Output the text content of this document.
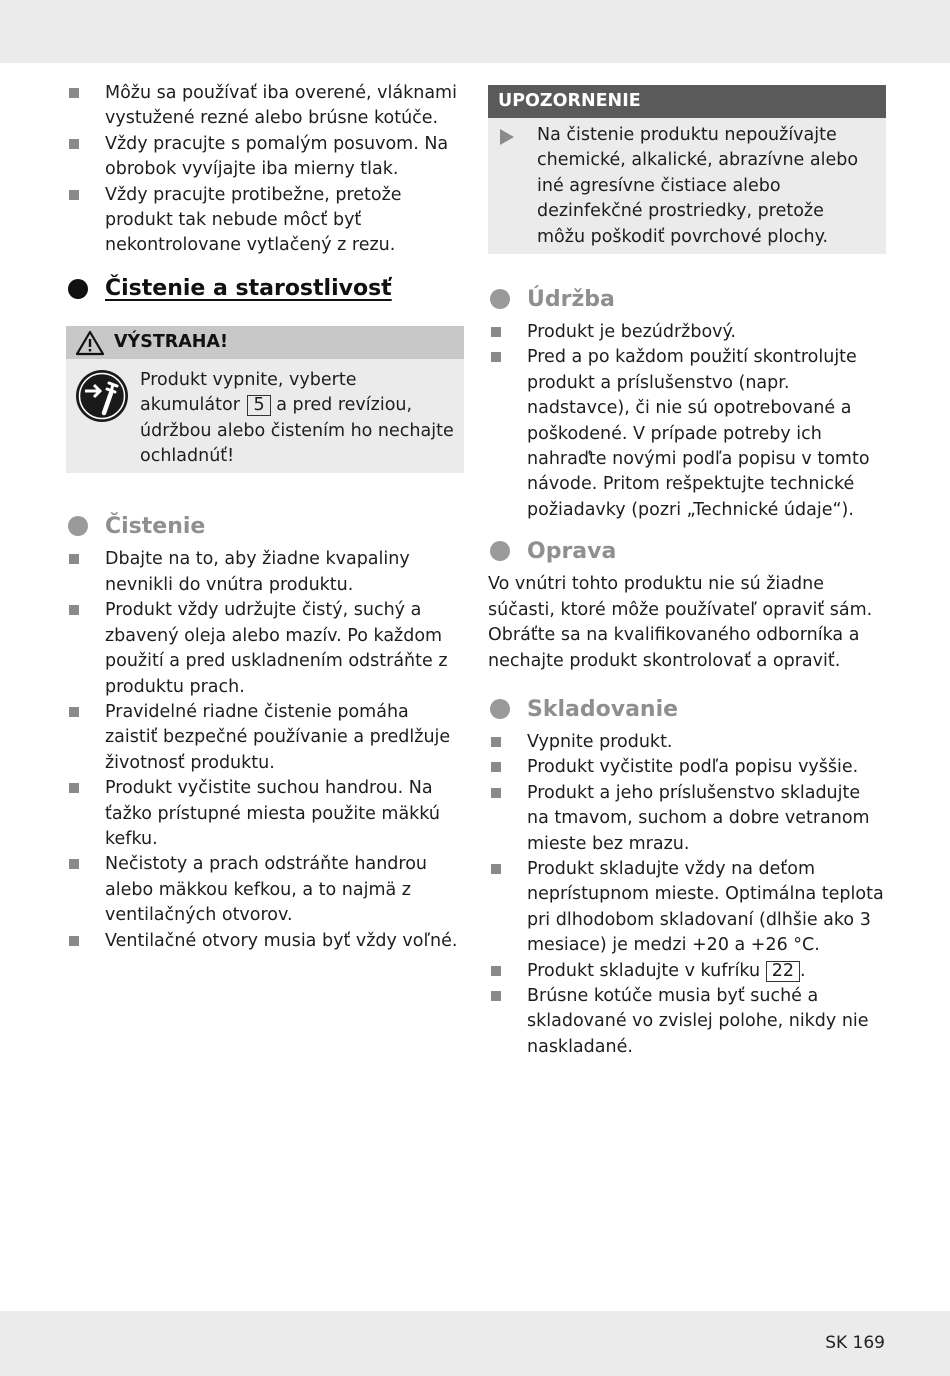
Môžu sa používať iba overené, vláknami vystužené rezné alebo brúsne kotúče.
Vždy pracujte s pomalým posuvom. Na obrobok vyvíjajte iba mierny tlak.
Vždy pracujte protibežne, pretože produkt tak nebude môcť byť nekontrolovane vytlačený z rezu.
Čistenie a starostlivosť
VÝSTRAHA!
Produkt vypnite, vyberte akumulátor 5 a pred revíziou, údržbou alebo čistením ho nechajte ochladnúť!
Čistenie
Dbajte na to, aby žiadne kvapaliny nevnikli do vnútra produktu.
Produkt vždy udržujte čistý, suchý a zbavený oleja alebo mazív. Po každom použití a pred uskladnením odstráňte z produktu prach.
Pravidelné riadne čistenie pomáha zaistiť bezpečné používanie a predlžuje životnosť produktu.
Produkt vyčistite suchou handrou. Na ťažko prístupné miesta použite mäkkú kefku.
Nečistoty a prach odstráňte handrou alebo mäkkou kefkou, a to najmä z ventilačných otvorov.
Ventilačné otvory musia byť vždy voľné.
UPOZORNENIE
Na čistenie produktu nepoužívajte chemické, alkalické, abrazívne alebo iné agresívne čistiace alebo dezinfekčné prostriedky, pretože môžu poškodiť povrchové plochy.
Údržba
Produkt je bezúdržbový.
Pred a po každom použití skontrolujte produkt a príslušenstvo (napr. nadstavce), či nie sú opotrebované a poškodené. V prípade potreby ich nahraďte novými podľa popisu v tomto návode. Pritom rešpektujte technické požiadavky (pozri „Technické údaje“).
Oprava

Vo vnútri tohto produktu nie sú žiadne súčasti, ktoré môže používateľ opraviť sám. Obráťte sa na kvalifikovaného odborníka a nechajte produkt skontrolovať a opraviť.

Skladovanie
Vypnite produkt.
Produkt vyčistite podľa popisu vyššie.
Produkt a jeho príslušenstvo skladujte na tmavom, suchom a dobre vetranom mieste bez mrazu.
Produkt skladujte vždy na deťom neprístupnom mieste. Optimálna teplota pri dlhodobom skladovaní (dlhšie ako 3 mesiace) je medzi +20 a +26 °C.
Produkt skladujte v kufríku 22 .
Brúsne kotúče musia byť suché a skladované vo zvislej polohe, nikdy nie naskladané.
SK 169
